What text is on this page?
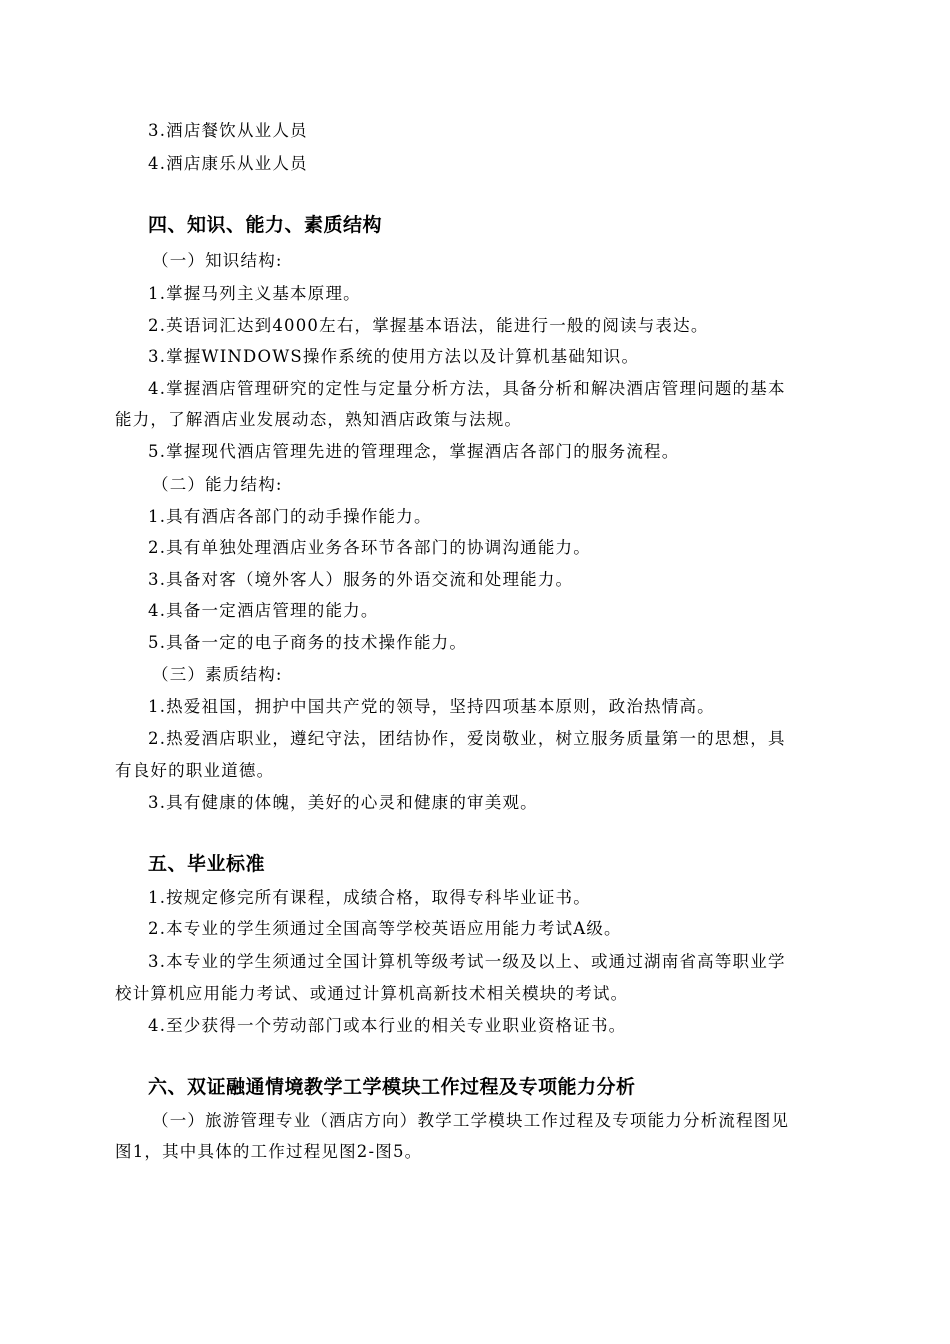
3.酒店餐饮从业人员
4.酒店康乐从业人员
四、知识、能力、素质结构
（一）知识结构:
1.掌握马列主义基本原理。
2.英语词汇达到4000左右，掌握基本语法，能进行一般的阅读与表达。
3.掌握WINDOWS操作系统的使用方法以及计算机基础知识。
4.掌握酒店管理研究的定性与定量分析方法，具备分析和解决酒店管理问题的基本
能力，了解酒店业发展动态，熟知酒店政策与法规。
5.掌握现代酒店管理先进的管理理念，掌握酒店各部门的服务流程。
（二）能力结构:
1.具有酒店各部门的动手操作能力。
2.具有单独处理酒店业务各环节各部门的协调沟通能力。
3.具备对客（境外客人）服务的外语交流和处理能力。
4.具备一定酒店管理的能力。
5.具备一定的电子商务的技术操作能力。
（三）素质结构:
1.热爱祖国，拥护中国共产党的领导，坚持四项基本原则，政治热情高。
2.热爱酒店职业，遵纪守法，团结协作，爱岗敬业，树立服务质量第一的思想，具
有良好的职业道德。
3.具有健康的体魄，美好的心灵和健康的审美观。
五、毕业标准
1.按规定修完所有课程，成绩合格，取得专科毕业证书。
2.本专业的学生须通过全国高等学校英语应用能力考试A级。
3.本专业的学生须通过全国计算机等级考试一级及以上、或通过湖南省高等职业学
校计算机应用能力考试、或通过计算机高新技术相关模块的考试。
4.至少获得一个劳动部门或本行业的相关专业职业资格证书。
六、双证融通情境教学工学模块工作过程及专项能力分析
（一）旅游管理专业（酒店方向）教学工学模块工作过程及专项能力分析流程图见
图1，其中具体的工作过程见图2-图5。
